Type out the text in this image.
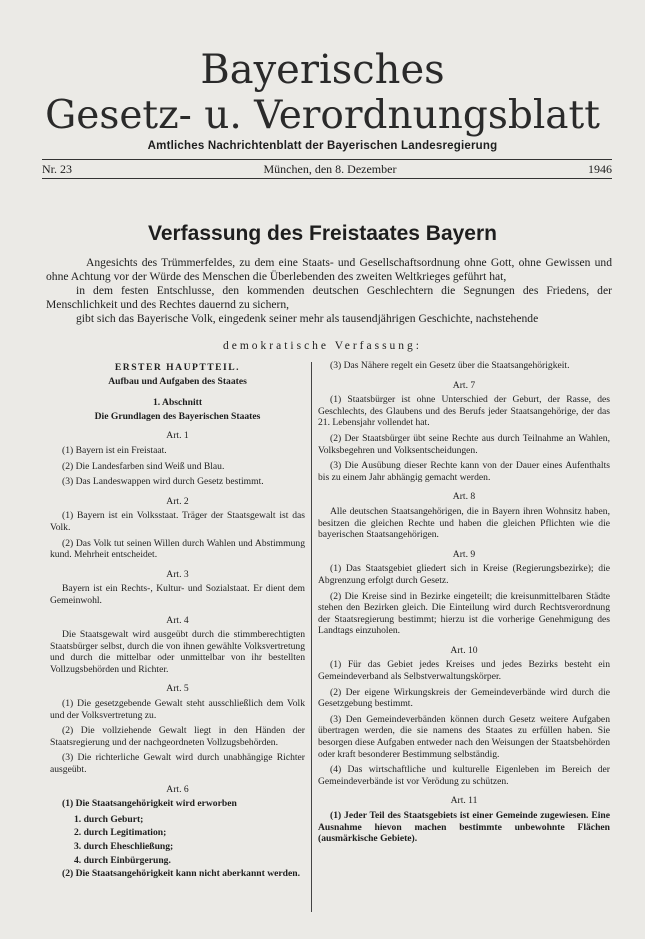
Bayerisches
Gesetz- u. Verordnungsblatt
Amtliches Nachrichtenblatt der Bayerischen Landesregierung
Nr. 23	München, den 8. Dezember	1946
Verfassung des Freistaates Bayern

Angesichts des Trümmerfeldes, zu dem eine Staats- und Gesellschaftsordnung ohne Gott, ohne Gewissen und ohne Achtung vor der Würde des Menschen die Überlebenden des zweiten Weltkrieges geführt hat,

in dem festen Entschlusse, den kommenden deutschen Geschlechtern die Segnungen des Friedens, der Menschlichkeit und des Rechtes dauernd zu sichern,

gibt sich das Bayerische Volk, eingedenk seiner mehr als tausendjährigen Geschichte, nachstehende

demokratische Verfassung:

ERSTER HAUPTTEIL.

Aufbau und Aufgaben des Staates

1. Abschnitt

Die Grundlagen des Bayerischen Staates

Art. 1

(1) Bayern ist ein Freistaat.

(2) Die Landesfarben sind Weiß und Blau.

(3) Das Landeswappen wird durch Gesetz bestimmt.

Art. 2

(1) Bayern ist ein Volksstaat. Träger der Staatsgewalt ist das Volk.

(2) Das Volk tut seinen Willen durch Wahlen und Abstimmung kund. Mehrheit entscheidet.

Art. 3

Bayern ist ein Rechts-, Kultur- und Sozialstaat. Er dient dem Gemeinwohl.

Art. 4

Die Staatsgewalt wird ausgeübt durch die stimmberechtigten Staatsbürger selbst, durch die von ihnen gewählte Volksvertretung und durch die mittelbar oder unmittelbar von ihr bestellten Vollzugsbehörden und Richter.

Art. 5

(1) Die gesetzgebende Gewalt steht ausschließlich dem Volk und der Volksvertretung zu.

(2) Die vollziehende Gewalt liegt in den Händen der Staatsregierung und der nachgeordneten Vollzugsbehörden.

(3) Die richterliche Gewalt wird durch unabhängige Richter ausgeübt.

Art. 6

(1) Die Staatsangehörigkeit wird erworben

1. durch Geburt;

2. durch Legitimation;

3. durch Eheschließung;

4. durch Einbürgerung.

(2) Die Staatsangehörigkeit kann nicht aberkannt werden.

(3) Das Nähere regelt ein Gesetz über die Staatsangehörigkeit.

Art. 7

(1) Staatsbürger ist ohne Unterschied der Geburt, der Rasse, des Geschlechts, des Glaubens und des Berufs jeder Staatsangehörige, der das 21. Lebensjahr vollendet hat.

(2) Der Staatsbürger übt seine Rechte aus durch Teilnahme an Wahlen, Volksbegehren und Volksentscheidungen.

(3) Die Ausübung dieser Rechte kann von der Dauer eines Aufenthalts bis zu einem Jahr abhängig gemacht werden.

Art. 8

Alle deutschen Staatsangehörigen, die in Bayern ihren Wohnsitz haben, besitzen die gleichen Rechte und haben die gleichen Pflichten wie die bayerischen Staatsangehörigen.

Art. 9

(1) Das Staatsgebiet gliedert sich in Kreise (Regierungsbezirke); die Abgrenzung erfolgt durch Gesetz.

(2) Die Kreise sind in Bezirke eingeteilt; die kreisunmittelbaren Städte stehen den Bezirken gleich. Die Einteilung wird durch Rechtsverordnung der Staatsregierung bestimmt; hierzu ist die vorherige Genehmigung des Landtags einzuholen.

Art. 10

(1) Für das Gebiet jedes Kreises und jedes Bezirks besteht ein Gemeindeverband als Selbstverwaltungskörper.

(2) Der eigene Wirkungskreis der Gemeindeverbände wird durch die Gesetzgebung bestimmt.

(3) Den Gemeindeverbänden können durch Gesetz weitere Aufgaben übertragen werden, die sie namens des Staates zu erfüllen haben. Sie besorgen diese Aufgaben entweder nach den Weisungen der Staatsbehörden oder kraft besonderer Bestimmung selbständig.

(4) Das wirtschaftliche und kulturelle Eigenleben im Bereich der Gemeindeverbände ist vor Verödung zu schützen.

Art. 11

(1) Jeder Teil des Staatsgebiets ist einer Gemeinde zugewiesen. Eine Ausnahme hievon machen bestimmte unbewohnte Flächen (ausmärkische Gebiete).
